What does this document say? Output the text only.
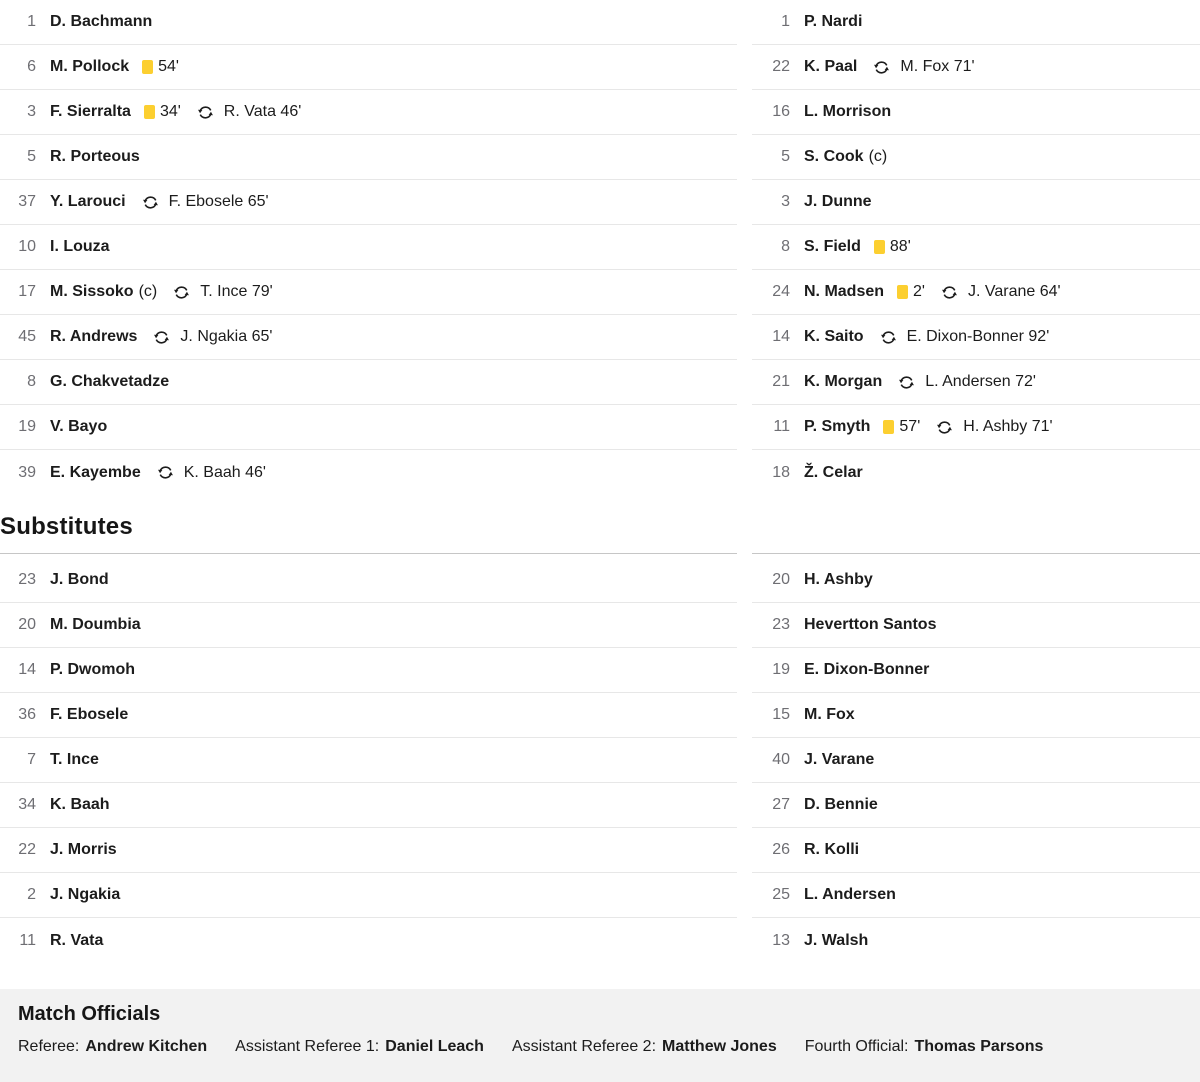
1 D. Bachmann
6 M. Pollock 54'
3 F. Sierralta 34'	R. Vata 46'
5 R. Porteous
37 Y. Larouci	F. Ebosele 65'
10 I. Louza
17 M. Sissoko (c)	T. Ince 79'
45 R. Andrews	J. Ngakia 65'
8 G. Chakvetadze
19 V. Bayo
39 E. Kayembe	K. Baah 46'
Substitutes
23 J. Bond
20 M. Doumbia
14 P. Dwomoh
36 F. Ebosele
7 T. Ince
34 K. Baah
22 J. Morris
2 J. Ngakia
11 R. Vata
1 P. Nardi
22 K. Paal	M. Fox 71'
16 L. Morrison
5 S. Cook (c)
3 J. Dunne
8 S. Field 88'
24 N. Madsen 2'	J. Varane 64'
14 K. Saito	E. Dixon-Bonner 92'
21 K. Morgan	L. Andersen 72'
11 P. Smyth 57'	H. Ashby 71'
18 Ž. Celar
20 H. Ashby
23 Hevertton Santos
19 E. Dixon-Bonner
15 M. Fox
40 J. Varane
27 D. Bennie
26 R. Kolli
25 L. Andersen
13 J. Walsh
Match Officials
Referee: Andrew Kitchen Assistant Referee 1: Daniel Leach Assistant Referee 2: Matthew Jones Fourth Official: Thomas Parsons
